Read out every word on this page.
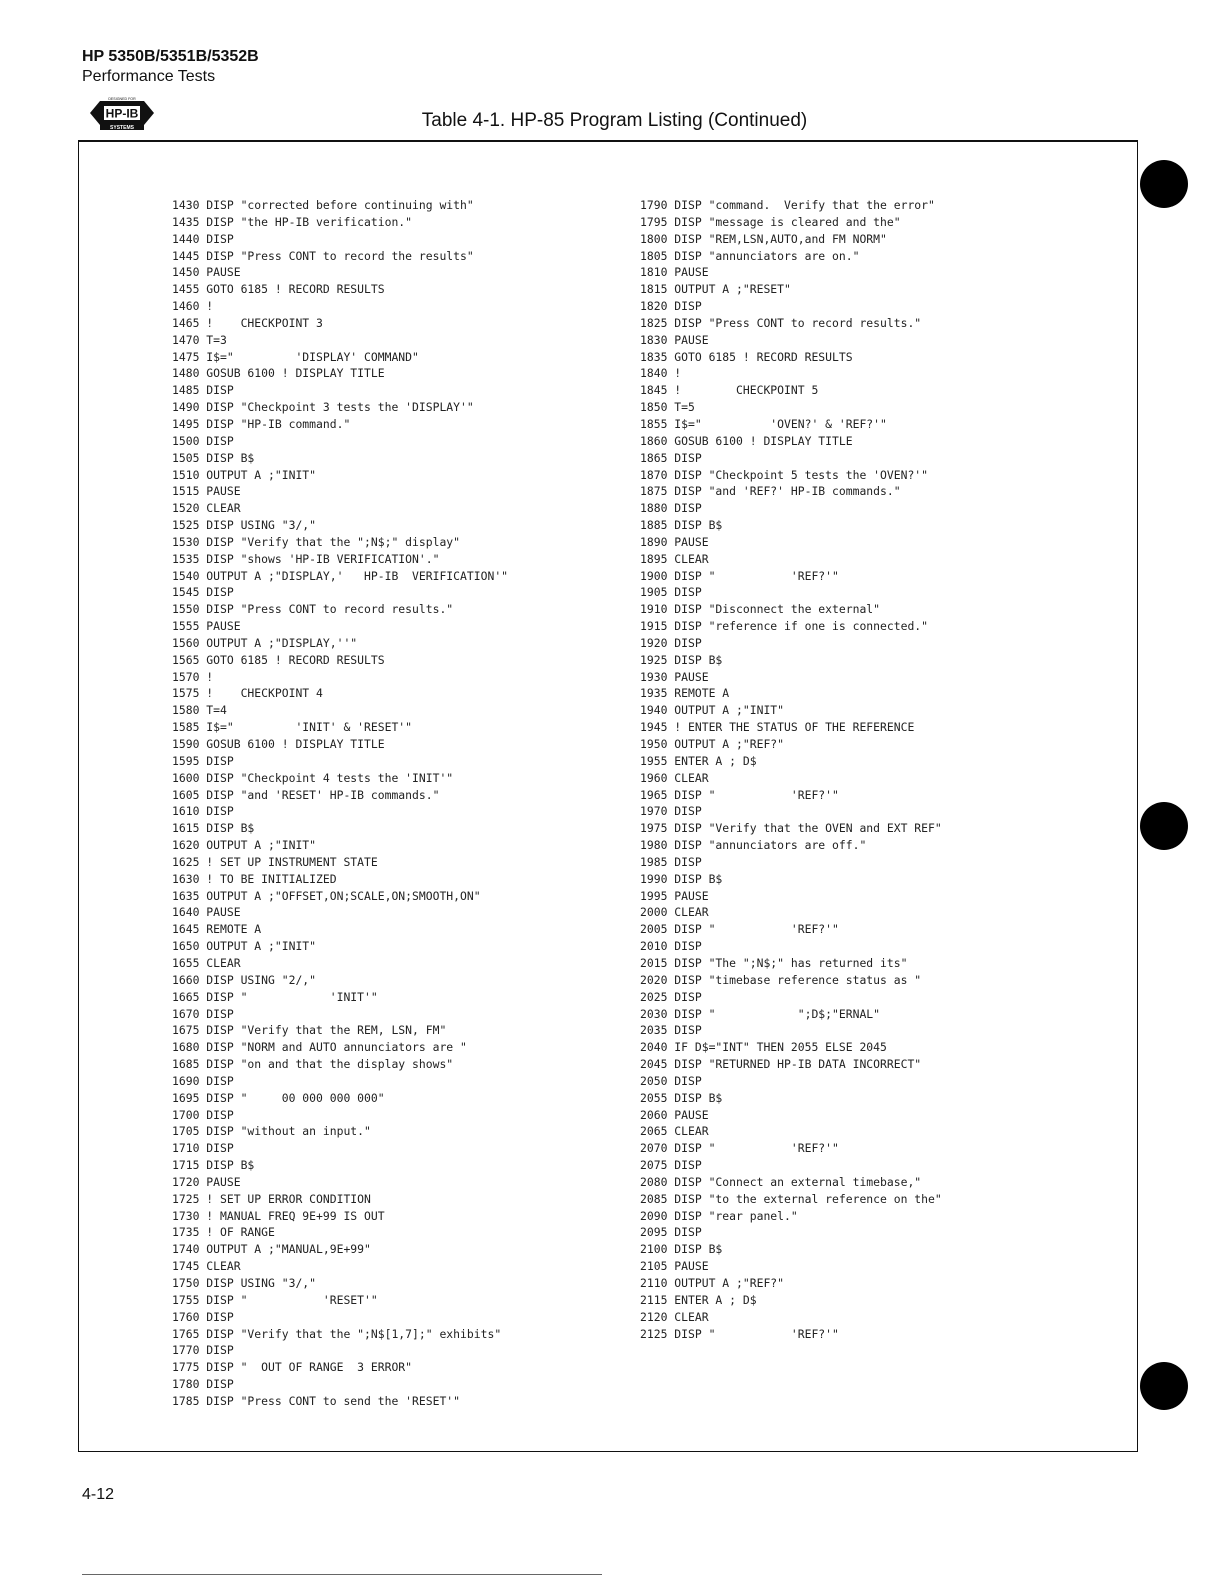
HP 5350B/5351B/5352B
Performance Tests
DESIGNED FOR
HP-IB
SYSTEMS	Table 4-1. HP-85 Program Listing (Continued)
1430 DISP "corrected before continuing with"
1435 DISP "the HP-IB verification."
1440 DISP
1445 DISP "Press CONT to record the results"
1450 PAUSE
1455 GOTO 6185 ! RECORD RESULTS
1460 !
1465 !    CHECKPOINT 3
1470 T=3
1475 I$="         'DISPLAY' COMMAND"
1480 GOSUB 6100 ! DISPLAY TITLE
1485 DISP
1490 DISP "Checkpoint 3 tests the 'DISPLAY'"
1495 DISP "HP-IB command."
1500 DISP
1505 DISP B$
1510 OUTPUT A ;"INIT"
1515 PAUSE
1520 CLEAR
1525 DISP USING "3/,"
1530 DISP "Verify that the ";N$;" display"
1535 DISP "shows 'HP-IB VERIFICATION'."
1540 OUTPUT A ;"DISPLAY,'   HP-IB  VERIFICATION'"
1545 DISP
1550 DISP "Press CONT to record results."
1555 PAUSE
1560 OUTPUT A ;"DISPLAY,''"
1565 GOTO 6185 ! RECORD RESULTS
1570 !
1575 !    CHECKPOINT 4
1580 T=4
1585 I$="         'INIT' & 'RESET'"
1590 GOSUB 6100 ! DISPLAY TITLE
1595 DISP
1600 DISP "Checkpoint 4 tests the 'INIT'"
1605 DISP "and 'RESET' HP-IB commands."
1610 DISP
1615 DISP B$
1620 OUTPUT A ;"INIT"
1625 ! SET UP INSTRUMENT STATE
1630 ! TO BE INITIALIZED
1635 OUTPUT A ;"OFFSET,ON;SCALE,ON;SMOOTH,ON"
1640 PAUSE
1645 REMOTE A
1650 OUTPUT A ;"INIT"
1655 CLEAR
1660 DISP USING "2/,"
1665 DISP "            'INIT'"
1670 DISP
1675 DISP "Verify that the REM, LSN, FM"
1680 DISP "NORM and AUTO annunciators are "
1685 DISP "on and that the display shows"
1690 DISP
1695 DISP "     00 000 000 000"
1700 DISP
1705 DISP "without an input."
1710 DISP
1715 DISP B$
1720 PAUSE
1725 ! SET UP ERROR CONDITION
1730 ! MANUAL FREQ 9E+99 IS OUT
1735 ! OF RANGE
1740 OUTPUT A ;"MANUAL,9E+99"
1745 CLEAR
1750 DISP USING "3/,"
1755 DISP "           'RESET'"
1760 DISP
1765 DISP "Verify that the ";N$[1,7];" exhibits"
1770 DISP
1775 DISP "  OUT OF RANGE  3 ERROR"
1780 DISP
1785 DISP "Press CONT to send the 'RESET'"
1790 DISP "command.  Verify that the error"
1795 DISP "message is cleared and the"
1800 DISP "REM,LSN,AUTO,and FM NORM"
1805 DISP "annunciators are on."
1810 PAUSE
1815 OUTPUT A ;"RESET"
1820 DISP
1825 DISP "Press CONT to record results."
1830 PAUSE
1835 GOTO 6185 ! RECORD RESULTS
1840 !
1845 !        CHECKPOINT 5
1850 T=5
1855 I$="          'OVEN?' & 'REF?'"
1860 GOSUB 6100 ! DISPLAY TITLE
1865 DISP
1870 DISP "Checkpoint 5 tests the 'OVEN?'"
1875 DISP "and 'REF?' HP-IB commands."
1880 DISP
1885 DISP B$
1890 PAUSE
1895 CLEAR
1900 DISP "           'REF?'"
1905 DISP
1910 DISP "Disconnect the external"
1915 DISP "reference if one is connected."
1920 DISP
1925 DISP B$
1930 PAUSE
1935 REMOTE A
1940 OUTPUT A ;"INIT"
1945 ! ENTER THE STATUS OF THE REFERENCE
1950 OUTPUT A ;"REF?"
1955 ENTER A ; D$
1960 CLEAR
1965 DISP "           'REF?'"
1970 DISP
1975 DISP "Verify that the OVEN and EXT REF"
1980 DISP "annunciators are off."
1985 DISP
1990 DISP B$
1995 PAUSE
2000 CLEAR
2005 DISP "           'REF?'"
2010 DISP
2015 DISP "The ";N$;" has returned its"
2020 DISP "timebase reference status as "
2025 DISP
2030 DISP "            ";D$;"ERNAL"
2035 DISP
2040 IF D$="INT" THEN 2055 ELSE 2045
2045 DISP "RETURNED HP-IB DATA INCORRECT"
2050 DISP
2055 DISP B$
2060 PAUSE
2065 CLEAR
2070 DISP "           'REF?'"
2075 DISP
2080 DISP "Connect an external timebase,"
2085 DISP "to the external reference on the"
2090 DISP "rear panel."
2095 DISP
2100 DISP B$
2105 PAUSE
2110 OUTPUT A ;"REF?"
2115 ENTER A ; D$
2120 CLEAR
2125 DISP "           'REF?'"
4-12
